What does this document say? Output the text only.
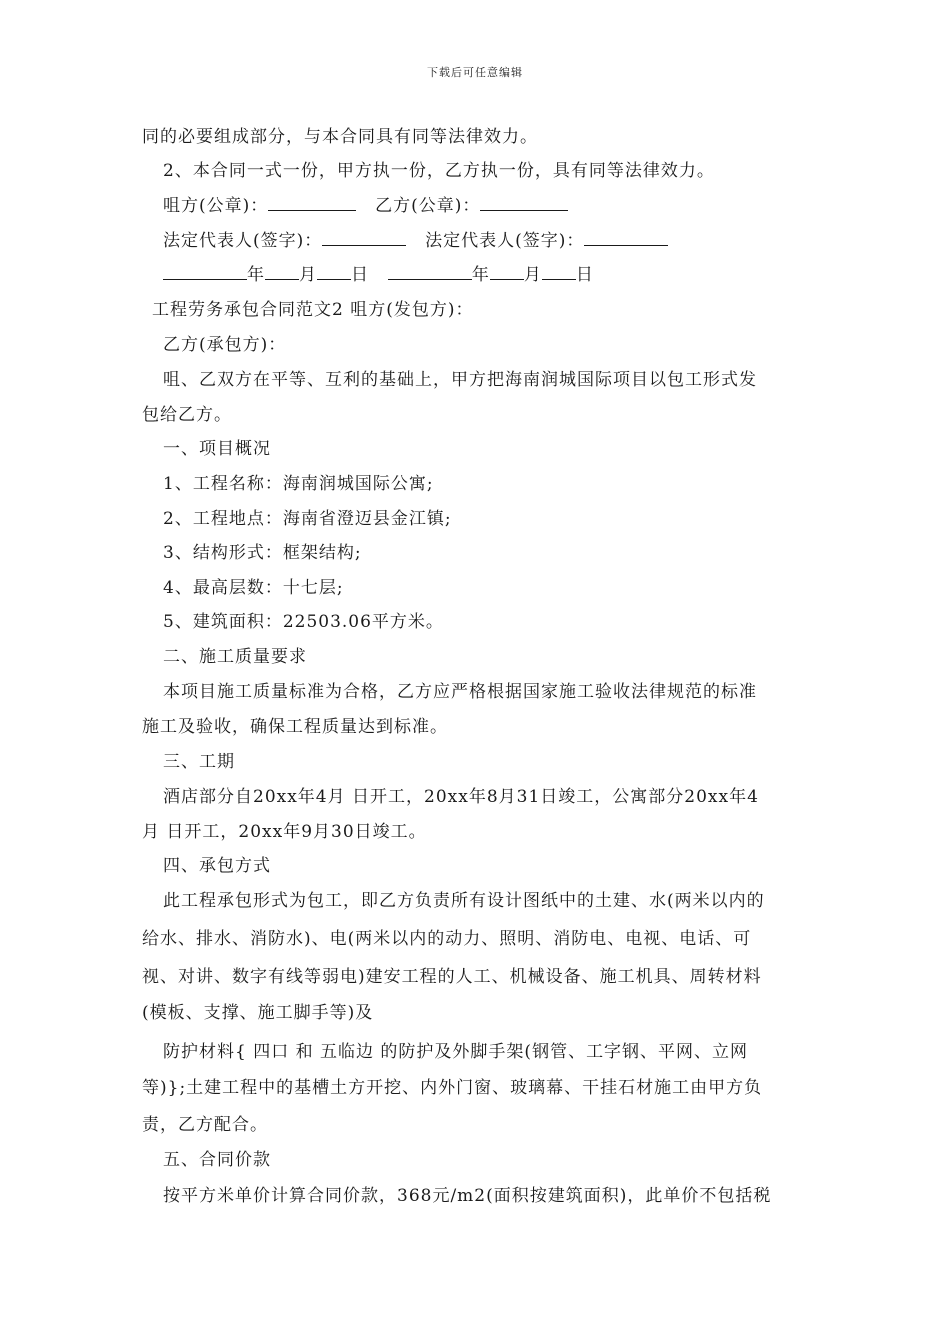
下载后可任意编辑
同的必要组成部分，与本合同具有同等法律效力。
2、本合同一式一份，甲方执一份，乙方执一份，具有同等法律效力。
咀方(公章)：	乙方(公章)：
法定代表人(签字)：	法定代表人(签字)：
年 月 日	年 月 日
工程劳务承包合同范文2 咀方(发包方)：
乙方(承包方)：
咀、乙双方在平等、互利的基础上，甲方把海南润城国际项目以包工形式发
包给乙方。
一、项目概况
1、工程名称：海南润城国际公寓;
2、工程地点：海南省澄迈县金江镇;
3、结构形式：框架结构;
4、最高层数：十七层;
5、建筑面积：22503.06平方米。
二、施工质量要求
本项目施工质量标准为合格，乙方应严格根据国家施工验收法律规范的标准
施工及验收，确保工程质量达到标准。
三、工期
酒店部分自20xx年4月 日开工，20xx年8月31日竣工，公寓部分20xx年4
月 日开工，20xx年9月30日竣工。
四、承包方式
此工程承包形式为包工，即乙方负责所有设计图纸中的土建、水(两米以内的
给水、排水、消防水)、电(两米以内的动力、照明、消防电、电视、电话、可
视、对讲、数字有线等弱电)建安工程的人工、机械设备、施工机具、周转材料
(模板、支撑、施工脚手等)及
防护材料{ 四口 和 五临边 的防护及外脚手架(钢管、工字钢、平网、立网
等)};土建工程中的基槽土方开挖、内外门窗、玻璃幕、干挂石材施工由甲方负
责，乙方配合。
五、合同价款
按平方米单价计算合同价款，368元/m2(面积按建筑面积)，此单价不包括税
